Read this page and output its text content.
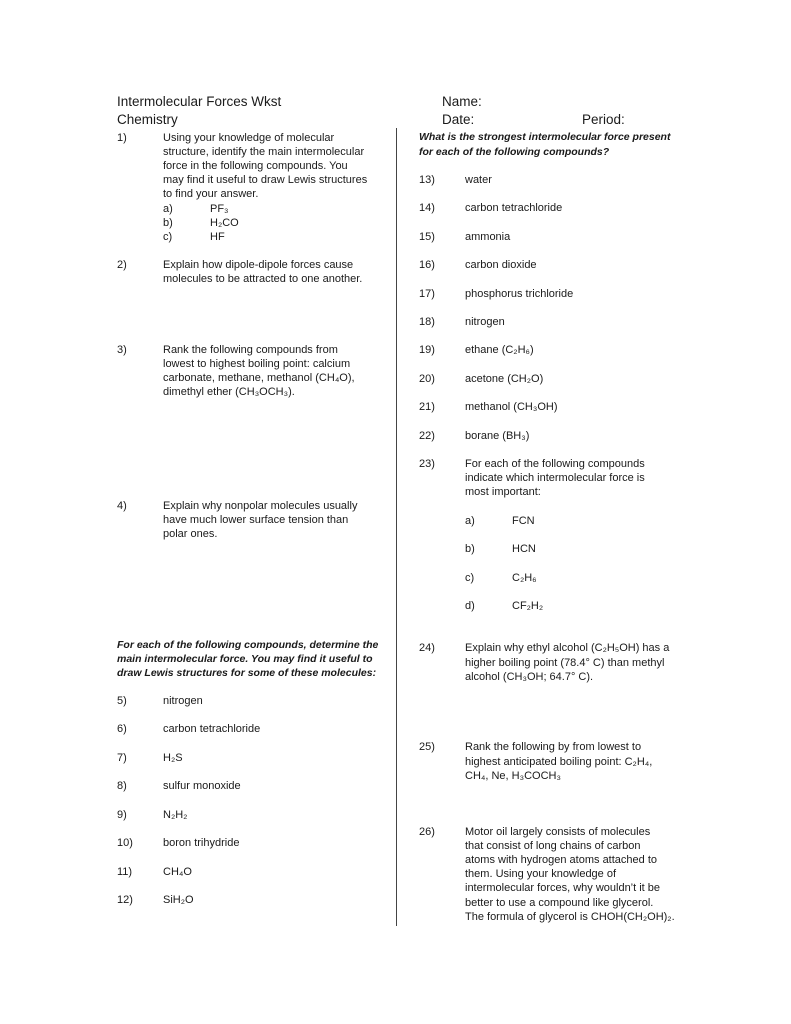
Intermolecular Forces Wkst
Chemistry
Name:
Date:	Period:
1)	Using your knowledge of molecular
structure, identify the main intermolecular
force in the following compounds. You
may find it useful to draw Lewis structures
to find your answer.
a)	PF₃
b)	H₂CO
c)	HF
2)	Explain how dipole-dipole forces cause
molecules to be attracted to one another.
3)	Rank the following compounds from
lowest to highest boiling point: calcium
carbonate, methane, methanol (CH₄O),
dimethyl ether (CH₃OCH₃).
4)	Explain why nonpolar molecules usually
have much lower surface tension than
polar ones.
For each of the following compounds, determine the
main intermolecular force. You may find it useful to
draw Lewis structures for some of these molecules:
5)	nitrogen
6)	carbon tetrachloride
7)	H₂S
8)	sulfur monoxide
9)	N₂H₂
10)	boron trihydride
11)	CH₄O
12)	SiH₂O
What is the strongest intermolecular force present
for each of the following compounds?
13)	water
14)	carbon tetrachloride
15)	ammonia
16)	carbon dioxide
17)	phosphorus trichloride
18)	nitrogen
19)	ethane (C₂H₆)
20)	acetone (CH₂O)
21)	methanol (CH₃OH)
22)	borane (BH₃)
23)	For each of the following compounds
indicate which intermolecular force is
most important:
a)	FCN
b)	HCN
c)	C₂H₆
d)	CF₂H₂
24)	Explain why ethyl alcohol (C₂H₅OH) has a
higher boiling point (78.4° C) than methyl
alcohol (CH₃OH; 64.7° C).
25)	Rank the following by from lowest to
highest anticipated boiling point: C₂H₄,
CH₄, Ne, H₃COCH₃
26)	Motor oil largely consists of molecules
that consist of long chains of carbon
atoms with hydrogen atoms attached to
them. Using your knowledge of
intermolecular forces, why wouldn’t it be
better to use a compound like glycerol.
The formula of glycerol is CHOH(CH₂OH)₂.
